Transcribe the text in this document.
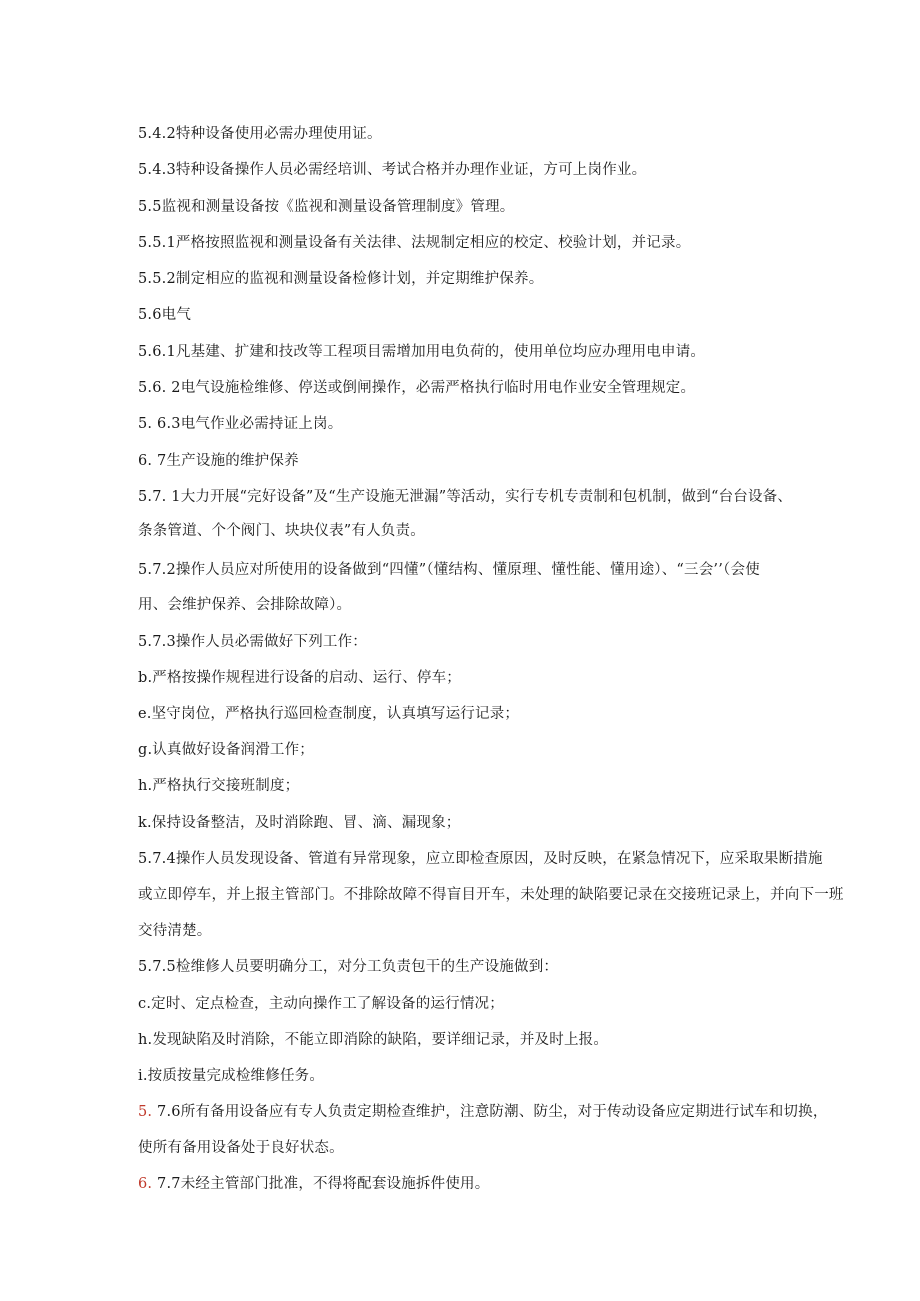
5.4.2特种设备使用必需办理使用证。
5.4.3特种设备操作人员必需经培训、考试合格并办理作业证，方可上岗作业。
5.5监视和测量设备按《监视和测量设备管理制度》管理。
5.5.1严格按照监视和测量设备有关法律、法规制定相应的校定、校验计划，并记录。
5.5.2制定相应的监视和测量设备检修计划，并定期维护保养。
5.6电气
5.6.1凡基建、扩建和技改等工程项目需增加用电负荷的，使用单位均应办理用电申请。
5.6. 2电气设施检维修、停送或倒闸操作，必需严格执行临时用电作业安全管理规定。
5. 6.3电气作业必需持证上岗。
6. 7生产设施的维护保养
5.7. 1大力开展“完好设备”及“生产设施无泄漏”等活动，实行专机专责制和包机制，做到“台台设备、
条条管道、个个阀门、块块仪表”有人负责。
5.7.2操作人员应对所使用的设备做到“四懂”（懂结构、懂原理、懂性能、懂用途）、“三会’’（会使
用、会维护保养、会排除故障）。
5.7.3操作人员必需做好下列工作：
b.严格按操作规程进行设备的启动、运行、停车；
e.坚守岗位，严格执行巡回检查制度，认真填写运行记录；
g.认真做好设备润滑工作；
h.严格执行交接班制度；
k.保持设备整洁，及时消除跑、冒、滴、漏现象；
5.7.4操作人员发现设备、管道有异常现象，应立即检查原因，及时反映，在紧急情况下，应采取果断措施
或立即停车，并上报主管部门。不排除故障不得盲目开车，未处理的缺陷要记录在交接班记录上，并向下一班
交待清楚。
5.7.5检维修人员要明确分工，对分工负责包干的生产设施做到：
c.定时、定点检查，主动向操作工了解设备的运行情况；
h.发现缺陷及时消除，不能立即消除的缺陷，要详细记录，并及时上报。
i.按质按量完成检维修任务。
5. 7.6所有备用设备应有专人负责定期检查维护，注意防潮、防尘，对于传动设备应定期进行试车和切换，
使所有备用设备处于良好状态。
6. 7.7未经主管部门批准，不得将配套设施拆件使用。
